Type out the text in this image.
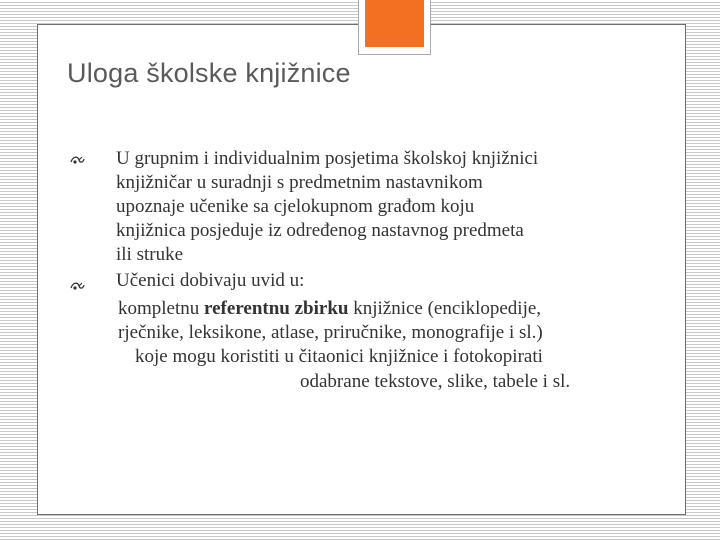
Uloga školske knjižnice
U grupnim i individualnim posjetima školskoj knjižnici
knjižničar u suradnji s predmetnim nastavnikom
upoznaje učenike sa cjelokupnom građom koju
knjižnica posjeduje iz određenog nastavnog predmeta
ili struke
Učenici dobivaju uvid u:
kompletnu referentnu zbirku knjižnice (enciklopedije,
rječnike, leksikone, atlase, priručnike, monografije i sl.)
koje mogu koristiti u čitaonici knjižnice i fotokopirati
odabrane tekstove, slike, tabele i sl.
